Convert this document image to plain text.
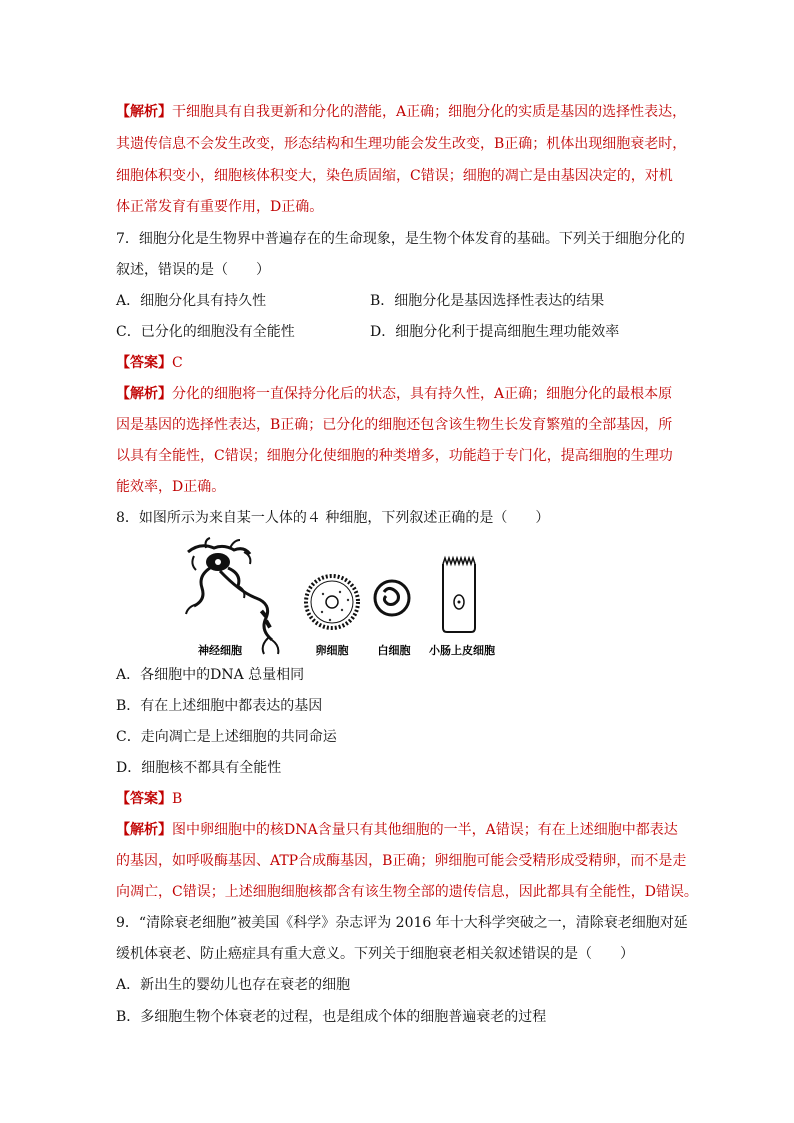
【解析】干细胞具有自我更新和分化的潜能，A正确；细胞分化的实质是基因的选择性表达，
其遗传信息不会发生改变，形态结构和生理功能会发生改变，B正确；机体出现细胞衰老时，
细胞体积变小，细胞核体积变大，染色质固缩，C错误；细胞的凋亡是由基因决定的，对机
体正常发育有重要作用，D正确。
7．细胞分化是生物界中普遍存在的生命现象，是生物个体发育的基础。下列关于细胞分化的
叙述，错误的是（　　）
A．细胞分化具有持久性	B．细胞分化是基因选择性表达的结果
C．已分化的细胞没有全能性	D．细胞分化利于提高细胞生理功能效率
【答案】C
【解析】分化的细胞将一直保持分化后的状态，具有持久性，A正确；细胞分化的最根本原
因是基因的选择性表达，B正确；已分化的细胞还包含该生物生长发育繁殖的全部基因，所
以具有全能性，C错误；细胞分化使细胞的种类增多，功能趋于专门化，提高细胞的生理功
能效率，D正确。
8．如图所示为来自某一人体的４ 种细胞，下列叙述正确的是（　　）
神经细胞	卵细胞	白细胞 小肠上皮细胞
A．各细胞中的DNA 总量相同
B．有在上述细胞中都表达的基因
C．走向凋亡是上述细胞的共同命运
D．细胞核不都具有全能性
【答案】B
【解析】图中卵细胞中的核DNA含量只有其他细胞的一半，A错误；有在上述细胞中都表达
的基因，如呼吸酶基因、ATP合成酶基因，B正确；卵细胞可能会受精形成受精卵，而不是走
向凋亡，C错误；上述细胞细胞核都含有该生物全部的遗传信息，因此都具有全能性，D错误。
9．“清除衰老细胞”被美国《科学》杂志评为 2016 年十大科学突破之一，清除衰老细胞对延
缓机体衰老、防止癌症具有重大意义。下列关于细胞衰老相关叙述错误的是（　　）
A．新出生的婴幼儿也存在衰老的细胞
B．多细胞生物个体衰老的过程，也是组成个体的细胞普遍衰老的过程
